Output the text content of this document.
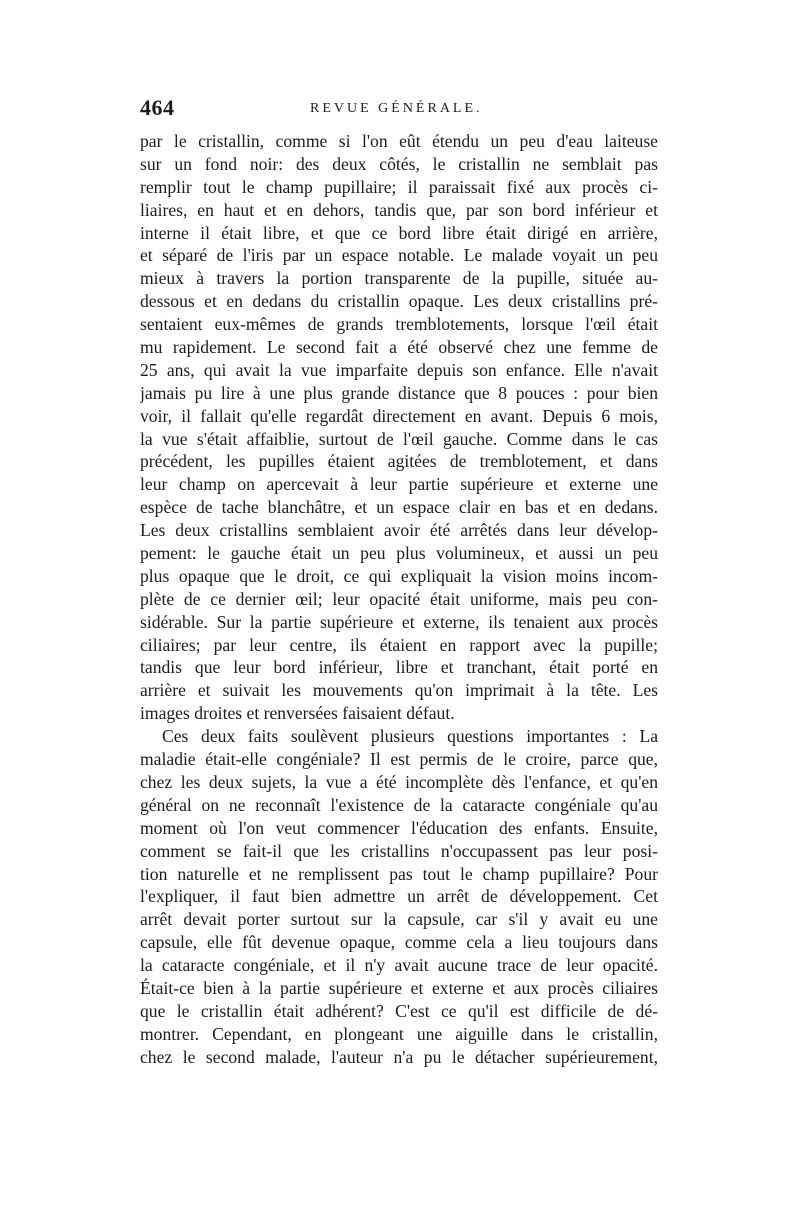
464	REVUE GÉNÉRALE.
par le cristallin, comme si l'on eût étendu un peu d'eau laiteuse
sur un fond noir: des deux côtés, le cristallin ne semblait pas
remplir tout le champ pupillaire; il paraissait fixé aux procès ci-
liaires, en haut et en dehors, tandis que, par son bord inférieur et
interne il était libre, et que ce bord libre était dirigé en arrière,
et séparé de l'iris par un espace notable. Le malade voyait un peu
mieux à travers la portion transparente de la pupille, située au-
dessous et en dedans du cristallin opaque. Les deux cristallins pré-
sentaient eux-mêmes de grands tremblotements, lorsque l'œil était
mu rapidement. Le second fait a été observé chez une femme de
25 ans, qui avait la vue imparfaite depuis son enfance. Elle n'avait
jamais pu lire à une plus grande distance que 8 pouces : pour bien
voir, il fallait qu'elle regardât directement en avant. Depuis 6 mois,
la vue s'était affaiblie, surtout de l'œil gauche. Comme dans le cas
précédent, les pupilles étaient agitées de tremblotement, et dans
leur champ on apercevait à leur partie supérieure et externe une
espèce de tache blanchâtre, et un espace clair en bas et en dedans.
Les deux cristallins semblaient avoir été arrêtés dans leur dévelop-
pement: le gauche était un peu plus volumineux, et aussi un peu
plus opaque que le droit, ce qui expliquait la vision moins incom-
plète de ce dernier œil; leur opacité était uniforme, mais peu con-
sidérable. Sur la partie supérieure et externe, ils tenaient aux procès
ciliaires; par leur centre, ils étaient en rapport avec la pupille;
tandis que leur bord inférieur, libre et tranchant, était porté en
arrière et suivait les mouvements qu'on imprimait à la tête. Les
images droites et renversées faisaient défaut.
Ces deux faits soulèvent plusieurs questions importantes : La
maladie était-elle congéniale? Il est permis de le croire, parce que,
chez les deux sujets, la vue a été incomplète dès l'enfance, et qu'en
général on ne reconnaît l'existence de la cataracte congéniale qu'au
moment où l'on veut commencer l'éducation des enfants. Ensuite,
comment se fait-il que les cristallins n'occupassent pas leur posi-
tion naturelle et ne remplissent pas tout le champ pupillaire? Pour
l'expliquer, il faut bien admettre un arrêt de développement. Cet
arrêt devait porter surtout sur la capsule, car s'il y avait eu une
capsule, elle fût devenue opaque, comme cela a lieu toujours dans
la cataracte congéniale, et il n'y avait aucune trace de leur opacité.
Était-ce bien à la partie supérieure et externe et aux procès ciliaires
que le cristallin était adhérent? C'est ce qu'il est difficile de dé-
montrer. Cependant, en plongeant une aiguille dans le cristallin,
chez le second malade, l'auteur n'a pu le détacher supérieurement,
